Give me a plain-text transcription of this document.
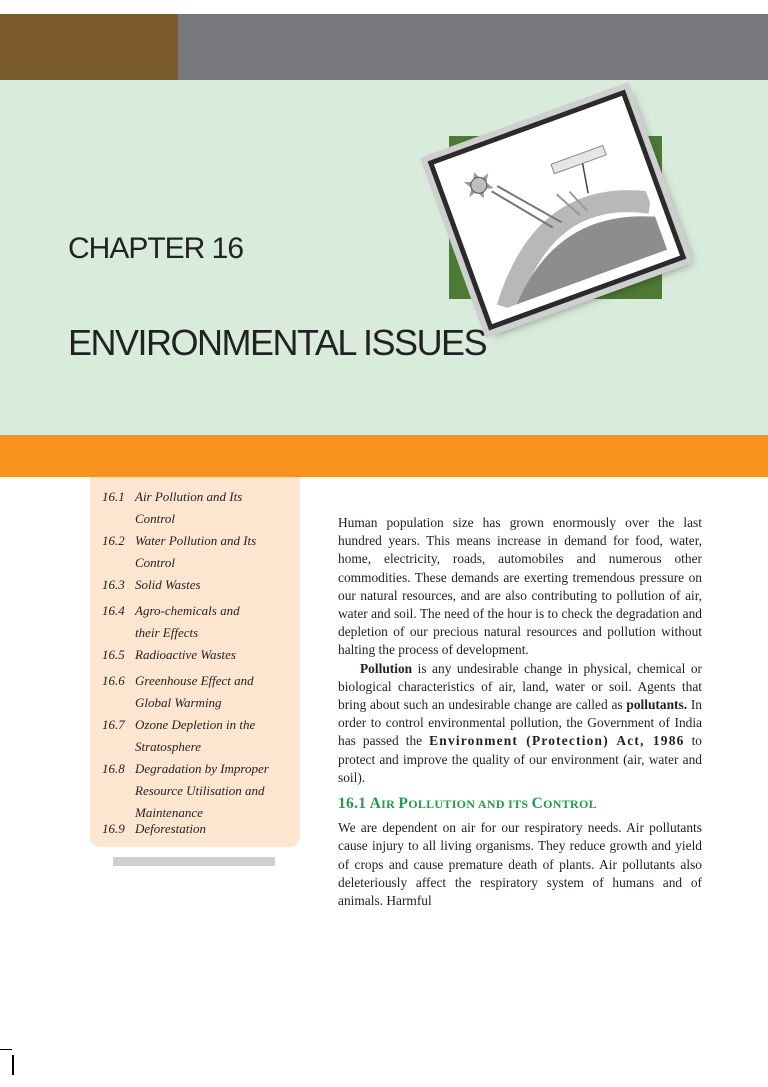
CHAPTER 16
ENVIRONMENTAL ISSUES
16.1 Air Pollution and Its
Control
16.2 Water Pollution and Its
Control
16.3 Solid Wastes
16.4 Agro-chemicals and
their Effects
16.5 Radioactive Wastes
16.6 Greenhouse Effect and
Global Warming
16.7 Ozone Depletion in the
Stratosphere
16.8 Degradation by Improper
Resource Utilisation and
Maintenance
16.9 Deforestation

Human population size has grown enormously over the last hundred years. This means increase in demand for food, water, home, electricity, roads, automobiles and numerous other commodities. These demands are exerting tremendous pressure on our natural resources, and are also contributing to pollution of air, water and soil. The need of the hour is to check the degradation and depletion of our precious natural resources and pollution without halting the process of development.

Pollution is any undesirable change in physical, chemical or biological characteristics of air, land, water or soil. Agents that bring about such an undesirable change are called as pollutants. In order to control environmental pollution, the Government of India has passed the Environment (Protection) Act, 1986 to protect and improve the quality of our environment (air, water and soil).

16.1 AIR POLLUTION AND ITS CONTROL

We are dependent on air for our respiratory needs. Air pollutants cause injury to all living organisms. They reduce growth and yield of crops and cause premature death of plants. Air pollutants also deleteriously affect the respiratory system of humans and of animals. Harmful
